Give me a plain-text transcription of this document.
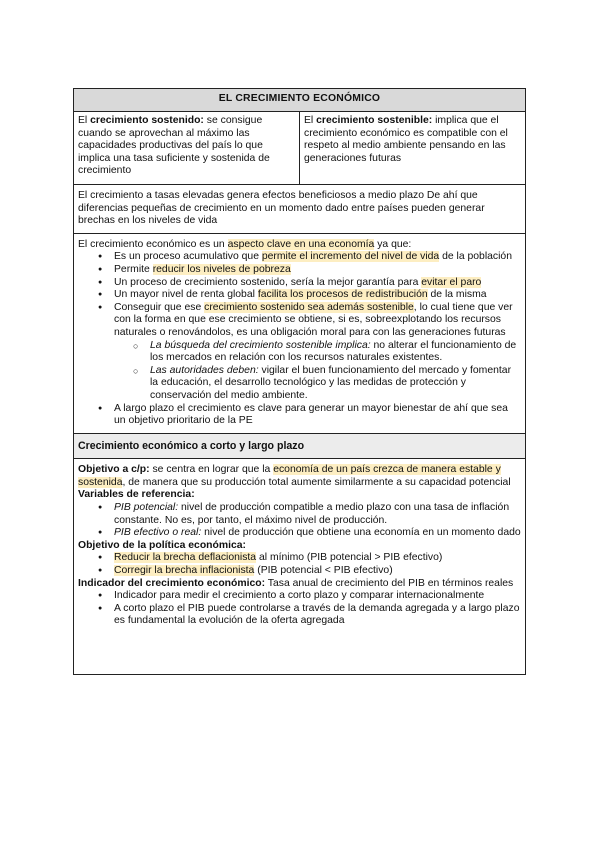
EL CRECIMIENTO ECONÓMICO
El crecimiento sostenido: se consigue cuando se aprovechan al máximo las capacidades productivas del país lo que implica una tasa suficiente y sostenida de crecimiento	El crecimiento sostenible: implica que el crecimiento económico es compatible con el respeto al medio ambiente pensando en las generaciones futuras
El crecimiento a tasas elevadas genera efectos beneficiosos a medio plazo De ahí que diferencias pequeñas de crecimiento en un momento dado entre países pueden generar brechas en los niveles de vida

El crecimiento económico es un aspecto clave en una economía ya que:
● Es un proceso acumulativo que permite el incremento del nivel de vida de la población
● Permite reducir los niveles de pobreza
● Un proceso de crecimiento sostenido, sería la mejor garantía para evitar el paro
● Un mayor nivel de renta global facilita los procesos de redistribución de la misma
● Conseguir que ese crecimiento sostenido sea además sostenible, lo cual tiene que ver con la forma en que ese crecimiento se obtiene, si es, sobreexplotando los recursos naturales o renovándolos, es una obligación moral para con las generaciones futuras
○ La búsqueda del crecimiento sostenible implica: no alterar el funcionamiento de los mercados en relación con los recursos naturales existentes.
○ Las autoridades deben: vigilar el buen funcionamiento del mercado y fomentar la educación, el desarrollo tecnológico y las medidas de protección y conservación del medio ambiente.
● A largo plazo el crecimiento es clave para generar un mayor bienestar de ahí que sea un objetivo prioritario de la PE

Crecimiento económico a corto y largo plazo

Objetivo a c/p: se centra en lograr que la economía de un país crezca de manera estable y sostenida, de manera que su producción total aumente similarmente a su capacidad potencial
Variables de referencia:
● PIB potencial: nivel de producción compatible a medio plazo con una tasa de inflación constante. No es, por tanto, el máximo nivel de producción.
● PIB efectivo o real: nivel de producción que obtiene una economía en un momento dado
Objetivo de la política económica:
● Reducir la brecha deflacionista al mínimo (PIB potencial > PIB efectivo)
● Corregir la brecha inflacionista (PIB potencial < PIB efectivo)
Indicador del crecimiento económico: Tasa anual de crecimiento del PIB en términos reales
● Indicador para medir el crecimiento a corto plazo y comparar internacionalmente
● A corto plazo el PIB puede controlarse a través de la demanda agregada y a largo plazo es fundamental la evolución de la oferta agregada
